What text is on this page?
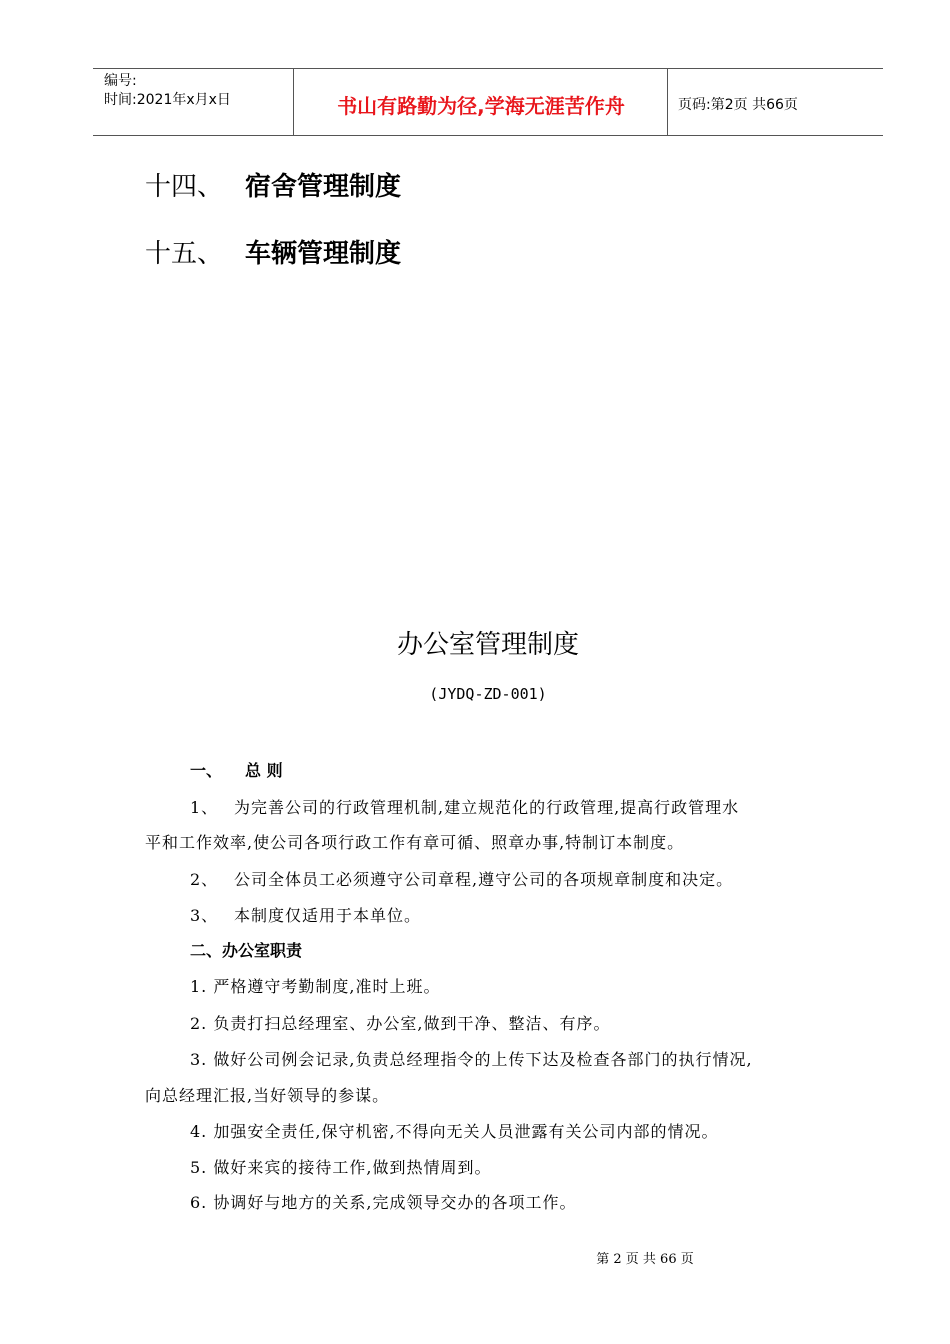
编号:
时间:2021年x月x日	书山有路勤为径,学海无涯苦作舟	页码:第2页 共66页
十四、 宿舍管理制度
十五、 车辆管理制度
办公室管理制度
(JYDQ-ZD-001)
一、 总 则
1、 为完善公司的行政管理机制,建立规范化的行政管理,提高行政管理水
平和工作效率,使公司各项行政工作有章可循、照章办事,特制订本制度。
2、 公司全体员工必须遵守公司章程,遵守公司的各项规章制度和决定。
3、 本制度仅适用于本单位。
二、办公室职责
1. 严格遵守考勤制度,准时上班。
2. 负责打扫总经理室、办公室,做到干净、整洁、有序。
3. 做好公司例会记录,负责总经理指令的上传下达及检查各部门的执行情况,
向总经理汇报,当好领导的参谋。
4. 加强安全责任,保守机密,不得向无关人员泄露有关公司内部的情况。
5. 做好来宾的接待工作,做到热情周到。
6. 协调好与地方的关系,完成领导交办的各项工作。
第 2 页 共 66 页
